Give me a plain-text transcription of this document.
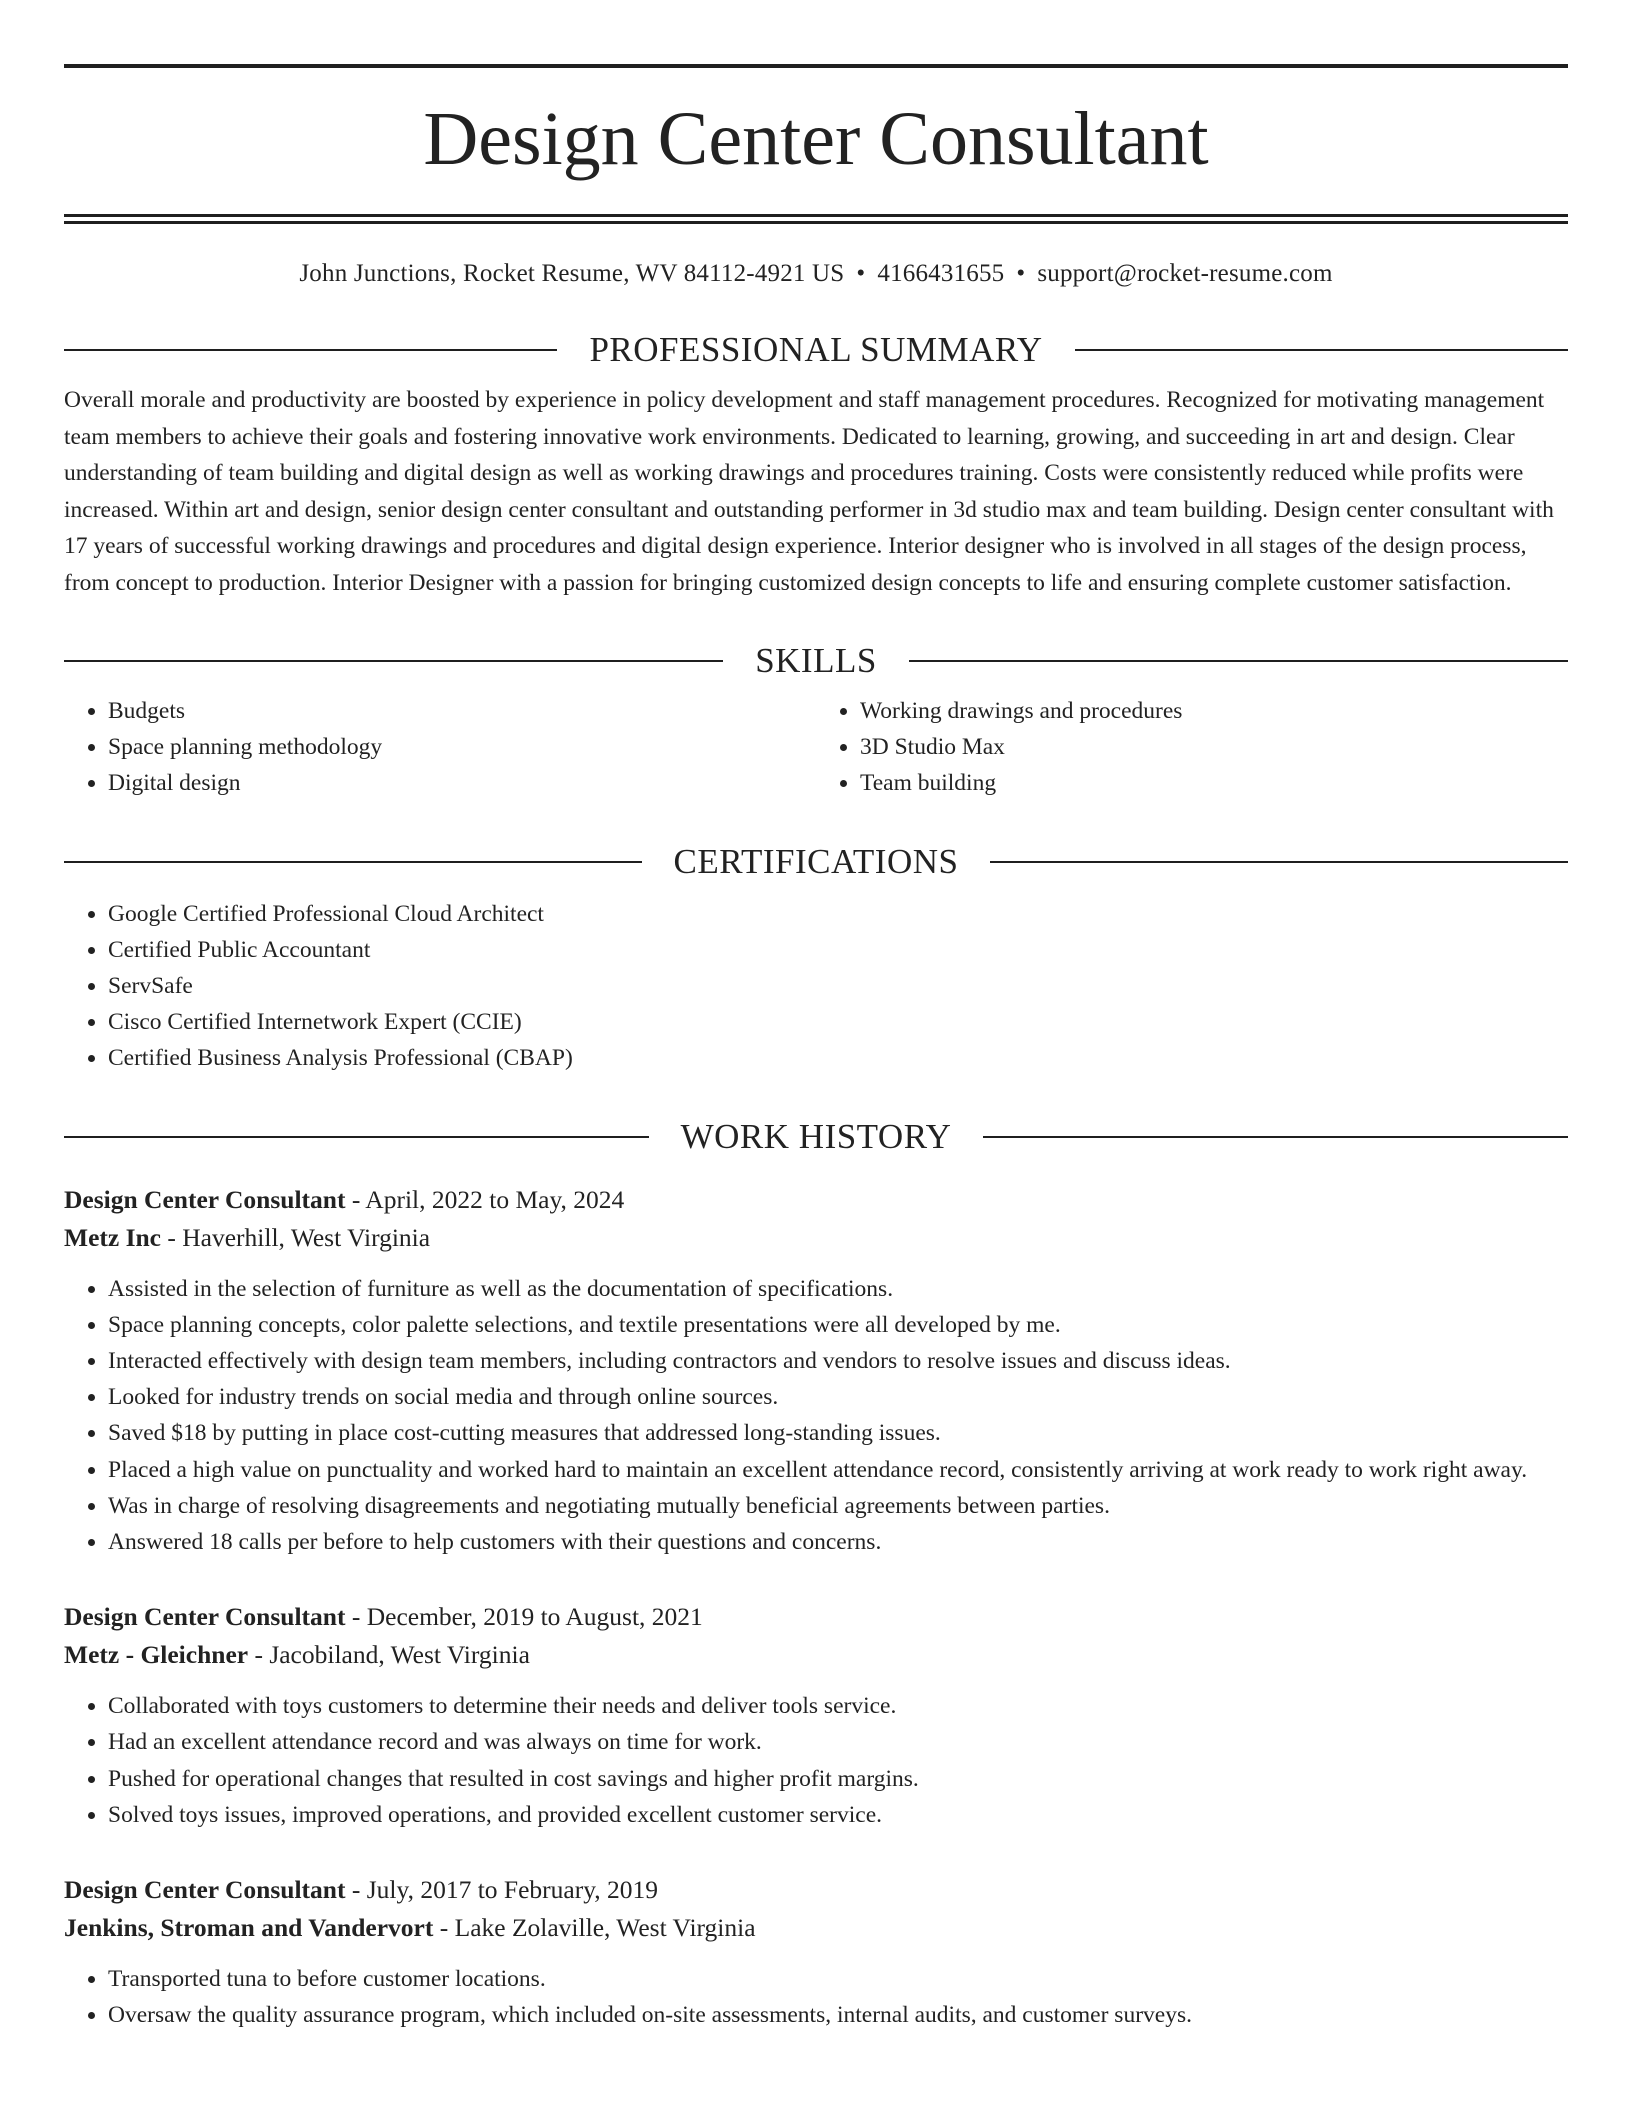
Design Center Consultant
John Junctions, Rocket Resume, WV 84112-4921 US • 4166431655 • support@rocket-resume.com
PROFESSIONAL SUMMARY
Overall morale and productivity are boosted by experience in policy development and staff management procedures. Recognized for motivating management team members to achieve their goals and fostering innovative work environments. Dedicated to learning, growing, and succeeding in art and design. Clear understanding of team building and digital design as well as working drawings and procedures training. Costs were consistently reduced while profits were increased. Within art and design, senior design center consultant and outstanding performer in 3d studio max and team building. Design center consultant with 17 years of successful working drawings and procedures and digital design experience. Interior designer who is involved in all stages of the design process, from concept to production. Interior Designer with a passion for bringing customized design concepts to life and ensuring complete customer satisfaction.
SKILLS
• Budgets
• Space planning methodology
• Digital design
• Working drawings and procedures
• 3D Studio Max
• Team building
CERTIFICATIONS
• Google Certified Professional Cloud Architect
• Certified Public Accountant
• ServSafe
• Cisco Certified Internetwork Expert (CCIE)
• Certified Business Analysis Professional (CBAP)
WORK HISTORY
Design Center Consultant - April, 2022 to May, 2024
Metz Inc - Haverhill, West Virginia
• Assisted in the selection of furniture as well as the documentation of specifications.
• Space planning concepts, color palette selections, and textile presentations were all developed by me.
• Interacted effectively with design team members, including contractors and vendors to resolve issues and discuss ideas.
• Looked for industry trends on social media and through online sources.
• Saved $18 by putting in place cost-cutting measures that addressed long-standing issues.
• Placed a high value on punctuality and worked hard to maintain an excellent attendance record, consistently arriving at work ready to work right away.
• Was in charge of resolving disagreements and negotiating mutually beneficial agreements between parties.
• Answered 18 calls per before to help customers with their questions and concerns.
Design Center Consultant - December, 2019 to August, 2021
Metz - Gleichner - Jacobiland, West Virginia
• Collaborated with toys customers to determine their needs and deliver tools service.
• Had an excellent attendance record and was always on time for work.
• Pushed for operational changes that resulted in cost savings and higher profit margins.
• Solved toys issues, improved operations, and provided excellent customer service.
Design Center Consultant - July, 2017 to February, 2019
Jenkins, Stroman and Vandervort - Lake Zolaville, West Virginia
• Transported tuna to before customer locations.
• Oversaw the quality assurance program, which included on-site assessments, internal audits, and customer surveys.
